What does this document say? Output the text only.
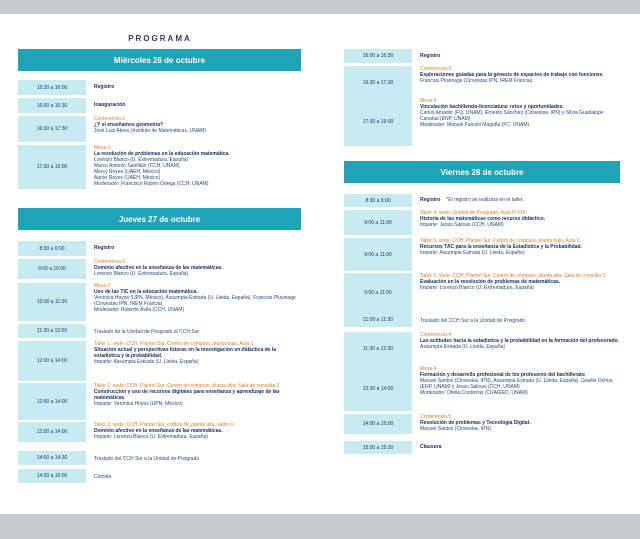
PROGRAMA
Miércoles 26 de octubre
15:30 a 16:00	Registro
16:00 a 16:30	Inauguración
16:30 a 17:30
Conferencia 1
¿Y si enseñamos geometría?
José Luis Abreu (Instituto de Matemáticas, UNAM)
17:30 a 19:00
Mesa 1
La resolución de problemas en la educación matemática.
Lorenzo Blanco (U. Extremadura, España)
Marco Antonio Santillán (CCH, UNAM)
Mercy Reyes (UAEH, México)
Aarón Reyes (UAEH, México)
Moderador: Francisco Rubén Ortega (CCH, UNAM)
Jueves 27 de octubre
8:30 a 9:00	Registro
9:00 a 10:00
Conferencia 2
Dominio afectivo en la enseñanza de las matemáticas.
Lorenzo Blanco (U. Extremadura, España)
10:00 a 11:30
Mesa 2
Uso de las TIC en la educación matemática.
Verónica Hoyos (UPN, México), Assumpta Estrada (U. Lleida, España), Francois Pluvinage (Cinvestav IPN, IREM Francia)
Moderador: Roberto Ávila (CCH, UNAM)
11:30 a 12:00	Traslado de la Unidad de Posgrado al CCH Sur
12:00 a 14:00
Taller 1, sede: CCH, Plantel Sur. Centro de cómputo, planta baja, Aula 1
Situación actual y perspectivas futuras en la investigación en didáctica de la estadística y la probabilidad.
Imparte: Assumpta Estrada (U. Lleida, España)
12:00 a 14:00
Taller 2, sede: CCH, Plantel Sur. Centro de cómputo, planta alta, Sala de consulta 2
Construcción y uso de recursos digitales para enseñanza y aprendizaje de las matemáticas
Imparte: Verónica Hoyos (UPN, México)
12:00 a 14:00
Taller 3, sede: CCH, Plantel Sur, edificio W, planta alta, salón 6
Dominio afectivo en la enseñanza de las matemáticas.
Imparte: Lorenzo Blanco (U. Extremadura, España)
14:00 a 14:30	Traslado del CCH Sur a la Unidad de Posgrado
14:30 a 16:00	Comida
16:00 a 16:30	Registro
16:30 a 17:30
Conferencia 3
Exploraciones guiadas para la génesis de espacios de trabajo con funciones
Francois Pluvinage (Cinvestav IPN, IREM Francia)
17:30 a 19:00
Mesa 3
Vinculación bachillerato-licenciatura: retos y oportunidades.
Carlos Amador (FQ, UNAM), Ernesto Sánchez (Cinvestav, IPN) y Silvia Guadalupe Canabal (ENP, UNAM)
Moderador: Manuel Falconi Magaña (FC, UNAM)
Viernes 28 de octubre
8:30 a 9:00	Registro *El registro se realizará en el taller.
9:00 a 11:00
Taller 4, sede: Unidad de Posgrado, Aula H 316
Historia de las matemáticas como recurso didáctico.
Imparte: Jesús Salinas (CCH, UNAM)
9:00 a 11:00
Taller 5, sede: CCH, Plantel Sur. Centro de cómputo, planta baja, Aula 2
Recursos TAC para la enseñanza de la Estadística y la Probabilidad.
Imparte: Assumpta Estrada (U. Lleida, España)
9:00 a 11:00
Taller 6, sede: CCH, Plantel Sur. Centro de cómputo, planta alta, Sala de consulta 2
Evaluación en la resolución de problemas de matemáticas.
Imparte: Lorenzo Blanco (U. Extremadura, España)
11:00 a 11:30	Traslado del CCH Sur a la Unidad de Posgrado
11:30 a 12:30
Conferencia 4
Las actitudes hacia la estadística y la probabilidad en la formación del profesorado.
Assumpta Estrada (U. Lleida, España)
12:30 a 14:00
Mesa 4
Formación y desarrollo profesional de los profesores del bachillerato
Manuel Santos (Cinvestav, IPN), Assumpta Estrada (U. Lleida, España), Giselle Ochoa (ENP, UNAM) y Jesús Salinas (CCH, UNAM)
Moderador: Ofelia Contreras (CUAIEED, UNAM)
14:00 a 15:00
Conferencia 5
Resolución de problemas y Tecnología Digital.
Manuel Santos (Cinvestav, IPN)
15:00 a 15:30	Clausura
